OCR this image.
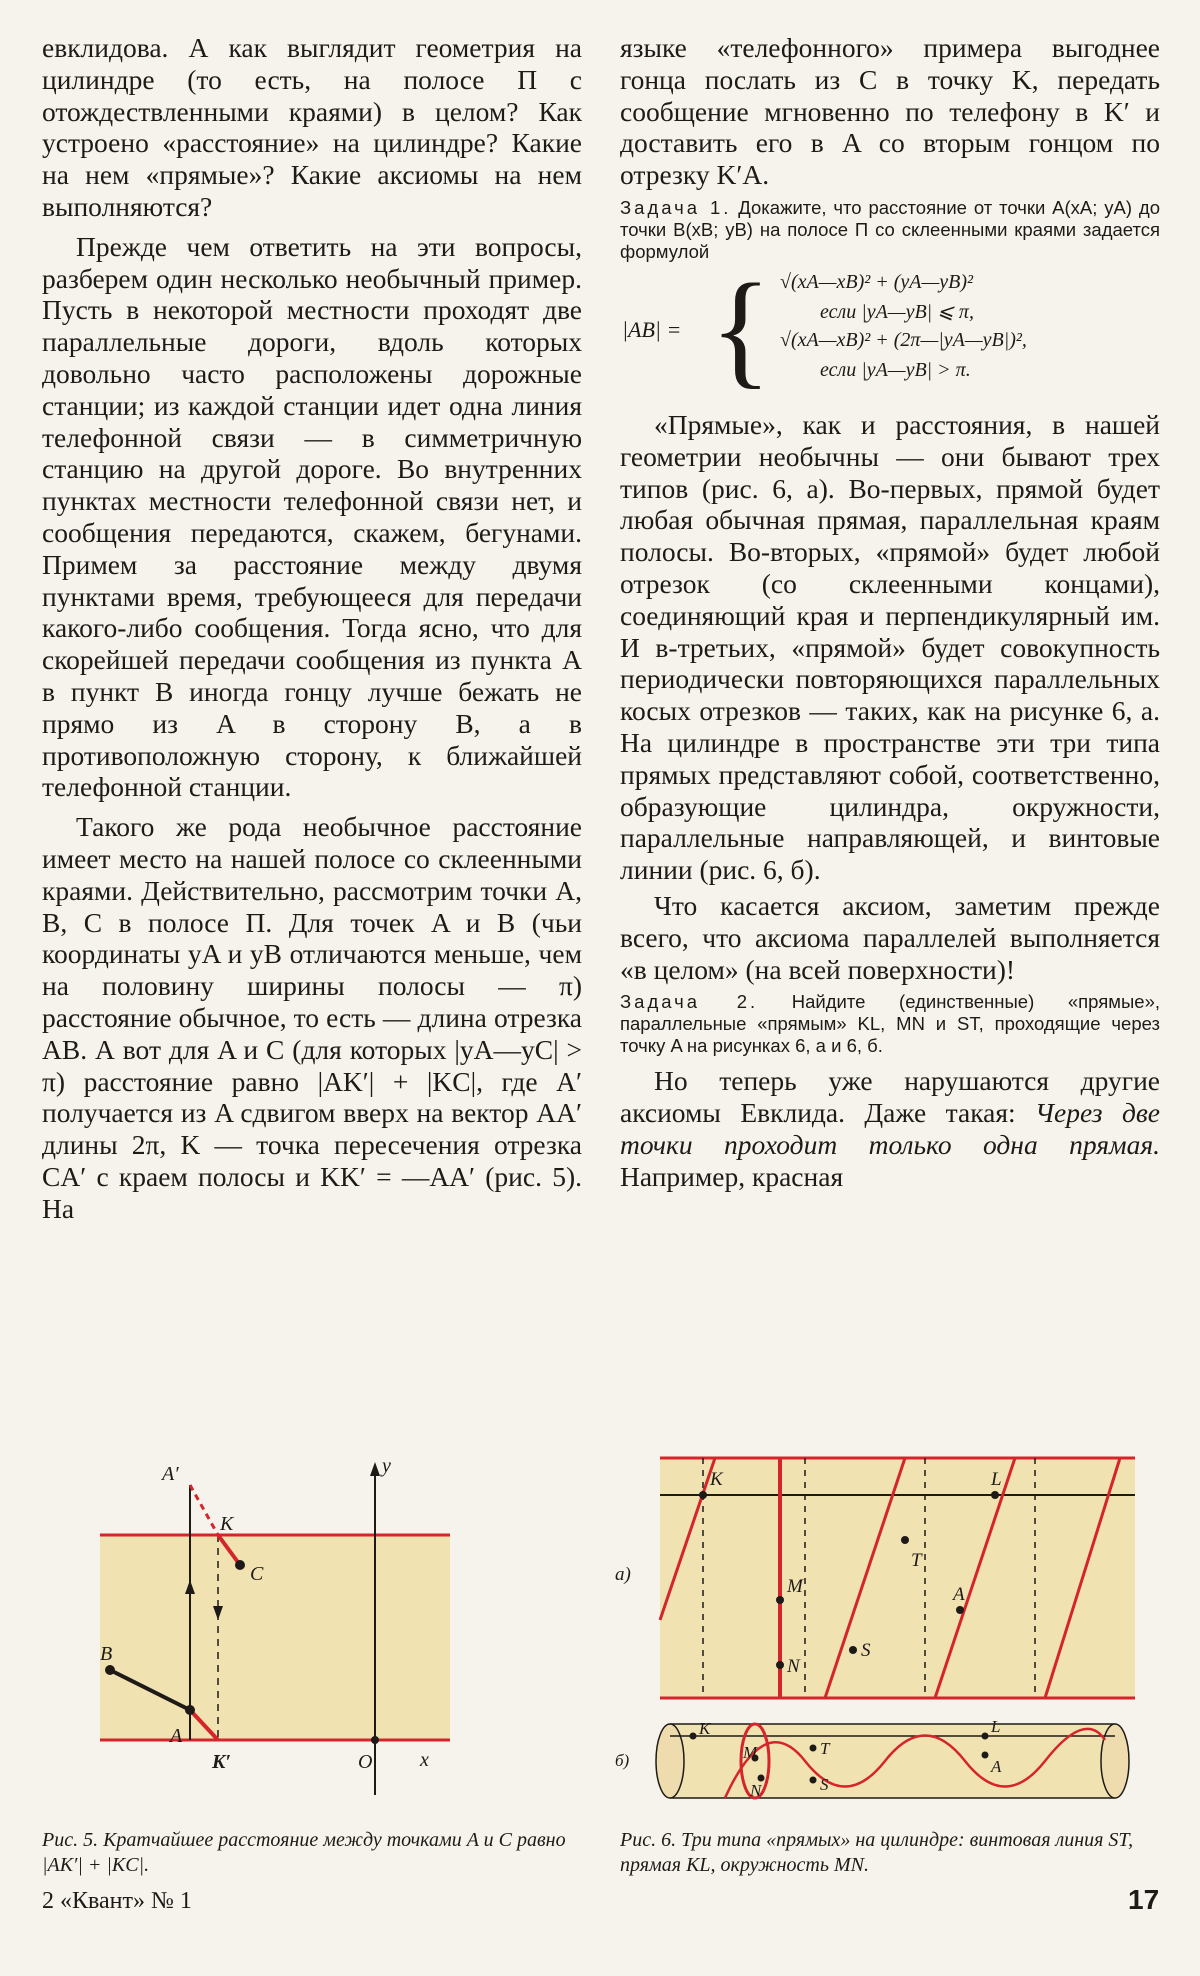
евклидова. А как выглядит геометрия на цилиндре (то есть, на полосе П с отождествленными краями) в целом? Как устроено «расстояние» на цилиндре? Какие на нем «прямые»? Какие аксиомы на нем выполняются?

Прежде чем ответить на эти вопросы, разберем один несколько необычный пример. Пусть в некоторой местности проходят две параллельные дороги, вдоль которых довольно часто расположены дорожные станции; из каждой станции идет одна линия телефонной связи — в симметричную станцию на другой дороге. Во внутренних пунктах местности телефонной связи нет, и сообщения передаются, скажем, бегунами. Примем за расстояние между двумя пунктами время, требующееся для передачи какого-либо сообщения. Тогда ясно, что для скорейшей передачи сообщения из пункта A в пункт B иногда гонцу лучше бежать не прямо из A в сторону B, а в противоположную сторону, к ближайшей телефонной станции.

Такого же рода необычное расстояние имеет место на нашей полосе со склеенными краями. Действительно, рассмотрим точки A, B, C в полосе П. Для точек A и B (чьи координаты yA и yB отличаются меньше, чем на половину ширины полосы — π) расстояние обычное, то есть — длина отрезка AB. А вот для A и C (для которых |yA—yC| > π) расстояние равно |AK′| + |KC|, где A′ получается из A сдвигом вверх на вектор AA′ длины 2π, K — точка пересечения отрезка CA′ с краем полосы и KK′ = —AA′ (рис. 5). На

языке «телефонного» примера выгоднее гонца послать из C в точку K, передать сообщение мгновенно по телефону в K′ и доставить его в A со вторым гонцом по отрезку K′A.

Задача 1. Докажите, что расстояние от точки A(xA; yA) до точки B(xB; yB) на полосе П со склеенными краями задается формулой

|AB| = { √(xA—xB)² + (yA—yB)²
если |yA—yB| ⩽ π,
√(xA—xB)² + (2π—|yA—yB|)²,
если |yA—yB| > π.

«Прямые», как и расстояния, в нашей геометрии необычны — они бывают трех типов (рис. 6, а). Во-первых, прямой будет любая обычная прямая, параллельная краям полосы. Во-вторых, «прямой» будет любой отрезок (со склеенными концами), соединяющий края и перпендикулярный им. И в-третьих, «прямой» будет совокупность периодически повторяющихся параллельных косых отрезков — таких, как на рисунке 6, а. На цилиндре в пространстве эти три типа прямых представляют собой, соответственно, образующие цилиндра, окружности, параллельные направляющей, и винтовые линии (рис. 6, б).

Что касается аксиом, заметим прежде всего, что аксиома параллелей выполняется «в целом» (на всей поверхности)!

Задача 2. Найдите (единственные) «прямые», параллельные «прямым» KL, MN и ST, проходящие через точку A на рисунках 6, а и 6, б.

Но теперь уже нарушаются другие аксиомы Евклида. Даже такая: Через две точки проходит только одна прямая. Например, красная

A′
K
C
B
A
K′	O x
y
Рис. 5. Кратчайшее расстояние между точками A и C равно |AK′| + |KC|.
а)
K	L
M
N
T
S
A
б)
K
M
N
T
S
L
A
Рис. 6. Три типа «прямых» на цилиндре: винтовая линия ST, прямая KL, окружность MN.
2 «Квант» № 1	17
